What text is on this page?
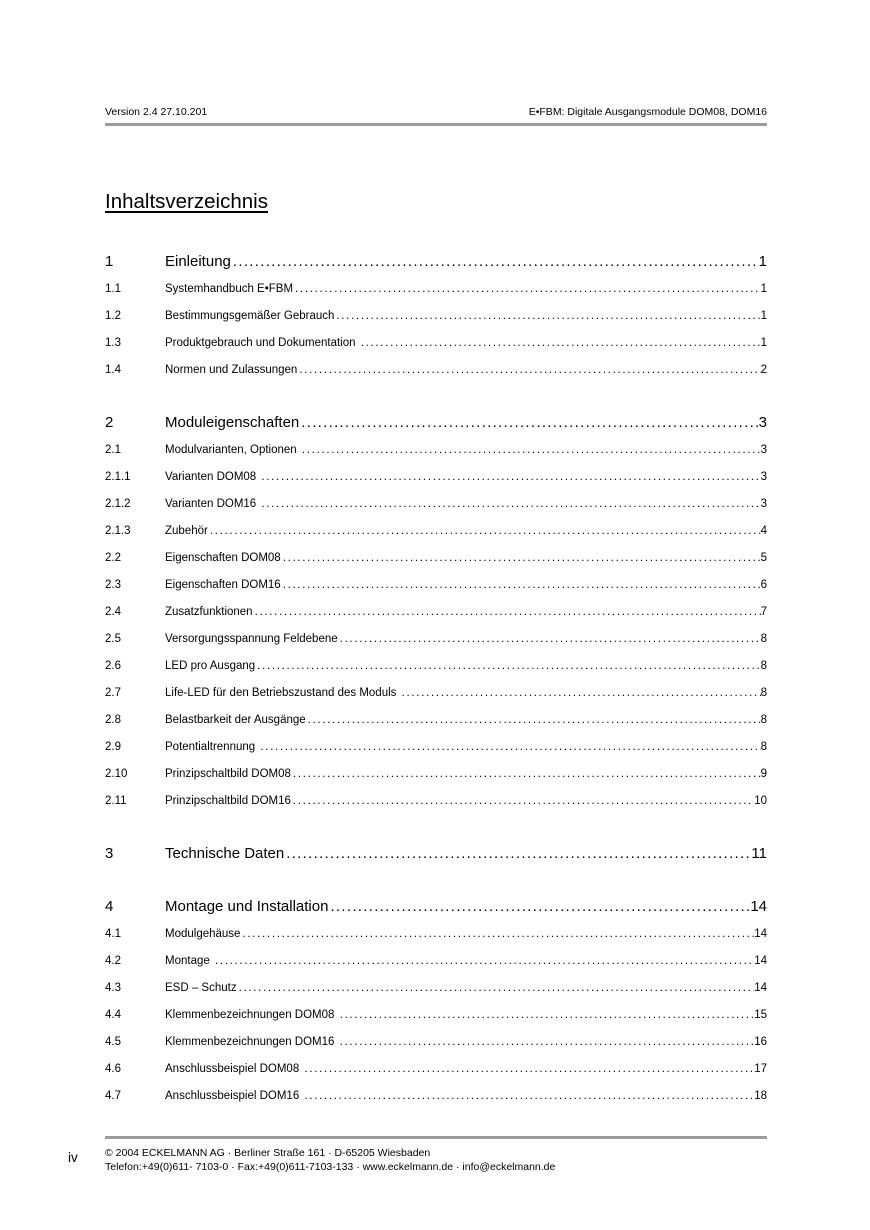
Version 2.4 27.10.201	E•FBM: Digitale Ausgangsmodule DOM08, DOM16
Inhaltsverzeichnis
1	Einleitung .....	1
1.1	Systemhandbuch E•FBM .....	1
1.2	Bestimmungsgemäßer Gebrauch .....	1
1.3	Produktgebrauch und Dokumentation .....	1
1.4	Normen und Zulassungen .....	2
2	Moduleigenschaften .....	3
2.1	Modulvarianten, Optionen .....	3
2.1.1	Varianten DOM08 .....	3
2.1.2	Varianten DOM16 .....	3
2.1.3	Zubehör .....	4
2.2	Eigenschaften DOM08 .....	5
2.3	Eigenschaften DOM16 .....	6
2.4	Zusatzfunktionen .....	7
2.5	Versorgungsspannung Feldebene .....	8
2.6	LED pro Ausgang .....	8
2.7	Life-LED für den Betriebszustand des Moduls .....	8
2.8	Belastbarkeit der Ausgänge .....	8
2.9	Potentialtrennung .....	8
2.10	Prinzipschaltbild DOM08 .....	9
2.11	Prinzipschaltbild DOM16 .....	10
3	Technische Daten .....	11
4	Montage und Installation .....	14
4.1	Modulgehäuse .....	14
4.2	Montage .....	14
4.3	ESD – Schutz .....	14
4.4	Klemmenbezeichnungen DOM08 .....	15
4.5	Klemmenbezeichnungen DOM16 .....	16
4.6	Anschlussbeispiel DOM08 .....	17
4.7	Anschlussbeispiel DOM16 .....	18
iv	© 2004 ECKELMANN AG · Berliner Straße 161 · D-65205 Wiesbaden
Telefon:+49(0)611- 7103-0 · Fax:+49(0)611-7103-133 · www.eckelmann.de · info@eckelmann.de
